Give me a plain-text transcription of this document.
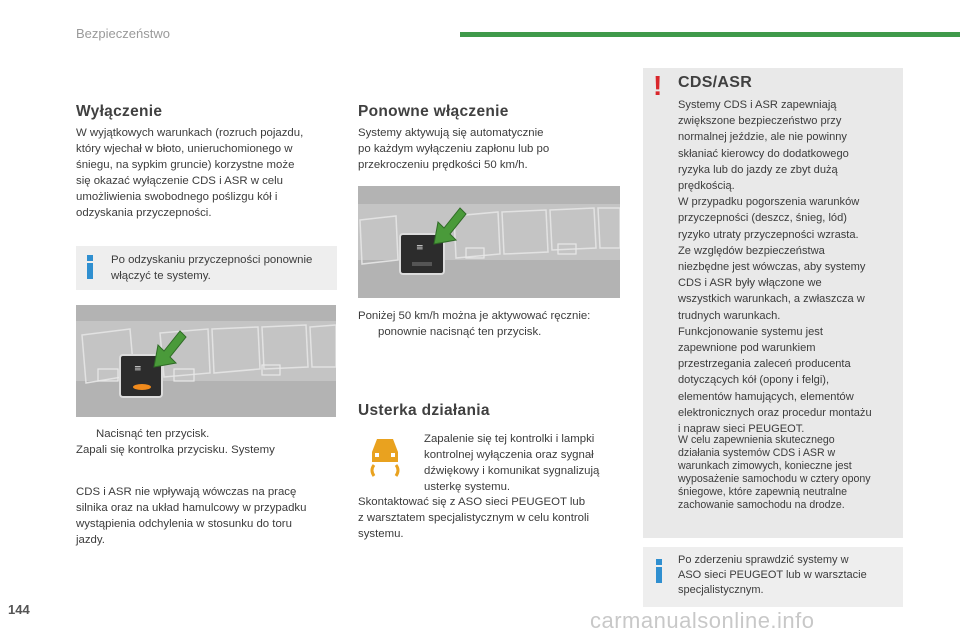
Bezpieczeństwo
Wyłączenie
W wyjątkowych warunkach (rozruch pojazdu,
który wjechał w błoto, unieruchomionego w
śniegu, na sypkim gruncie) korzystne może
się okazać wyłączenie CDS i ASR w celu
umożliwienia swobodnego poślizgu kół i
odzyskania przyczepności.
Po odzyskaniu przyczepności ponownie
włączyć te systemy.
≡
Nacisnąć ten przycisk.
Zapali się kontrolka przycisku. Systemy
CDS i ASR nie wpływają wówczas na pracę
silnika oraz na układ hamulcowy w przypadku
wystąpienia odchylenia w stosunku do toru
jazdy.
Ponowne włączenie
Systemy aktywują się automatycznie
po każdym wyłączeniu zapłonu lub po
przekroczeniu prędkości 50 km/h.
≡
Poniżej 50 km/h można je aktywować ręcznie:
ponownie nacisnąć ten przycisk.
Usterka działania
Zapalenie się tej kontrolki i lampki
kontrolnej wyłączenia oraz sygnał
dźwiękowy i komunikat sygnalizują
usterkę systemu.
Skontaktować się z ASO sieci PEUGEOT lub
z warsztatem specjalistycznym w celu kontroli
systemu.
! CDS/ASR
Systemy CDS i ASR zapewniają
zwiększone bezpieczeństwo przy
normalnej jeździe, ale nie powinny
skłaniać kierowcy do dodatkowego
ryzyka lub do jazdy ze zbyt dużą
prędkością.
W przypadku pogorszenia warunków
przyczepności (deszcz, śnieg, lód)
ryzyko utraty przyczepności wzrasta.
Ze względów bezpieczeństwa
niezbędne jest wówczas, aby systemy
CDS i ASR były włączone we
wszystkich warunkach, a zwłaszcza w
trudnych warunkach.
Funkcjonowanie systemu jest
zapewnione pod warunkiem
przestrzegania zaleceń producenta
dotyczących kół (opony i felgi),
elementów hamujących, elementów
elektronicznych oraz procedur montażu
i napraw sieci PEUGEOT.
W celu zapewnienia skutecznego
działania systemów CDS i ASR w
warunkach zimowych, konieczne jest
wyposażenie samochodu w cztery opony
śniegowe, które zapewnią neutralne
zachowanie samochodu na drodze.
Po zderzeniu sprawdzić systemy w
ASO sieci PEUGEOT lub w warsztacie
specjalistycznym.
144	carmanualsonline.info
